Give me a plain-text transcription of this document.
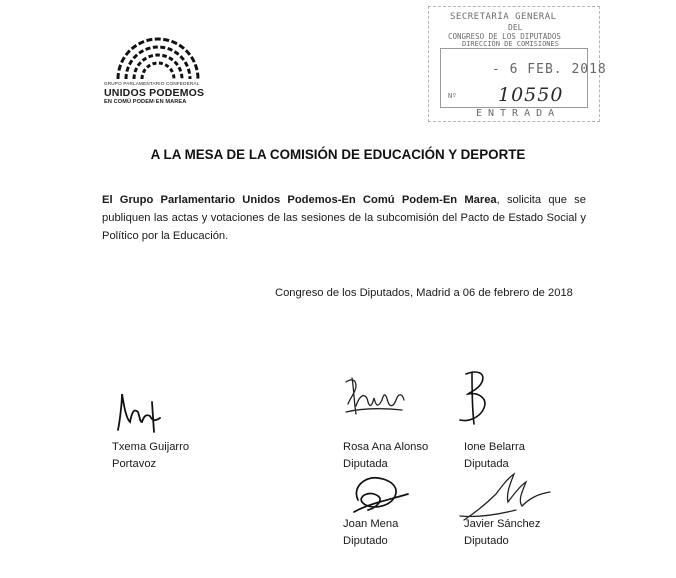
GRUPO PARLAMENTARIO CONFEDERAL
UNIDOS PODEMOS
EN COMÚ PODEM·EN MAREA
SECRETARÍA GENERAL
DEL
CONGRESO DE LOS DIPUTADOS
DIRECCIÓN DE COMISIONES
- 6 FEB. 2018
Nº 10550
ENTRADA
A LA MESA DE LA COMISIÓN DE EDUCACIÓN Y DEPORTE
El Grupo Parlamentario Unidos Podemos-En Comú Podem-En Marea, solicita que se publiquen las actas y votaciones de las sesiones de la subcomisión del Pacto de Estado Social y Político por la Educación.
Congreso de los Diputados, Madrid a 06 de febrero de 2018
Txema Guijarro
Portavoz
Rosa Ana Alonso
Diputada
Ione Belarra
Diputada
Joan Mena
Diputado
Javier Sánchez
Diputado
